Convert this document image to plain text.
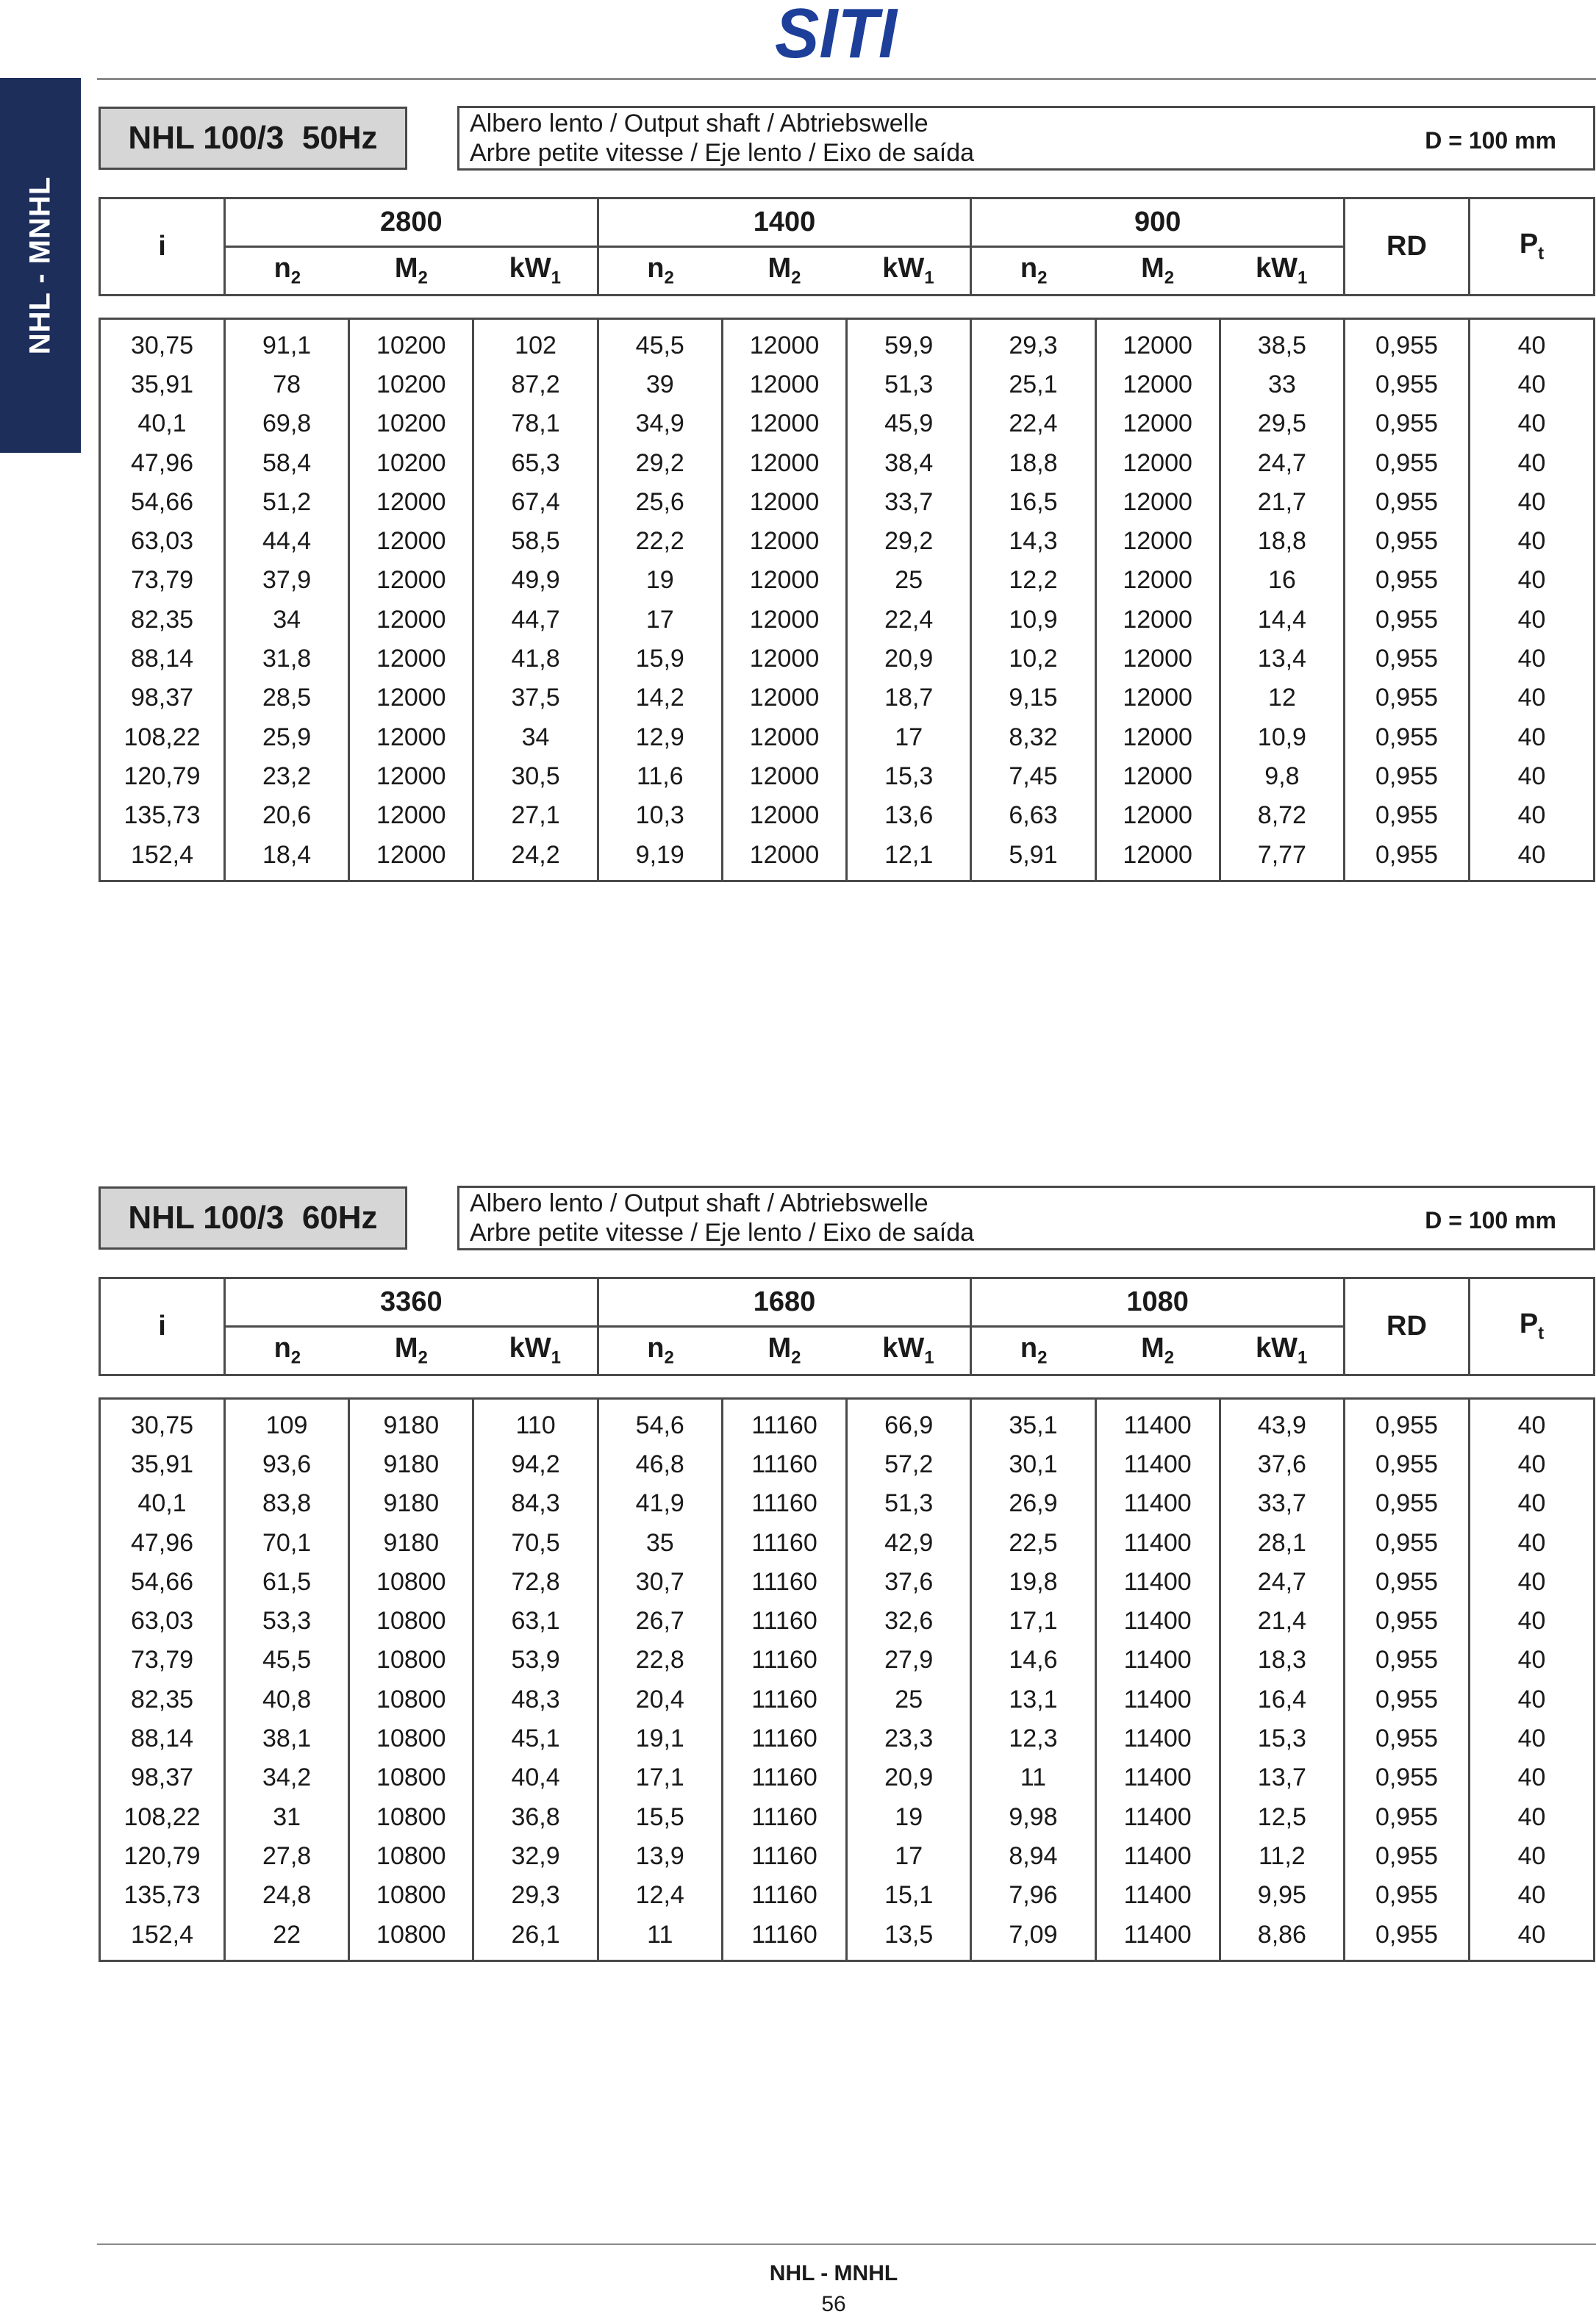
SITI
NHL - MNHL
NHL 100/3  50Hz	Albero lento / Output shaft / Abtriebswelle
Arbre petite vitesse / Eje lento / Eixo de saída	D = 100 mm
i	2800			1400			900			RD	$P_t$
	$n_2$	$M_2$	$kW_1$	$n_2$	$M_2$	$kW_1$	$n_2$	$M_2$	$kW_1$
30,75	91,1	10200	102	45,5	12000	59,9	29,3	12000	38,5	0,955	40
35,91	78	10200	87,2	39	12000	51,3	25,1	12000	33	0,955	40
40,1	69,8	10200	78,1	34,9	12000	45,9	22,4	12000	29,5	0,955	40
47,96	58,4	10200	65,3	29,2	12000	38,4	18,8	12000	24,7	0,955	40
54,66	51,2	12000	67,4	25,6	12000	33,7	16,5	12000	21,7	0,955	40
63,03	44,4	12000	58,5	22,2	12000	29,2	14,3	12000	18,8	0,955	40
73,79	37,9	12000	49,9	19	12000	25	12,2	12000	16	0,955	40
82,35	34	12000	44,7	17	12000	22,4	10,9	12000	14,4	0,955	40
88,14	31,8	12000	41,8	15,9	12000	20,9	10,2	12000	13,4	0,955	40
98,37	28,5	12000	37,5	14,2	12000	18,7	9,15	12000	12	0,955	40
108,22	25,9	12000	34	12,9	12000	17	8,32	12000	10,9	0,955	40
120,79	23,2	12000	30,5	11,6	12000	15,3	7,45	12000	9,8	0,955	40
135,73	20,6	12000	27,1	10,3	12000	13,6	6,63	12000	8,72	0,955	40
152,4	18,4	12000	24,2	9,19	12000	12,1	5,91	12000	7,77	0,955	40
NHL 100/3  60Hz	Albero lento / Output shaft / Abtriebswelle
Arbre petite vitesse / Eje lento / Eixo de saída	D = 100 mm
i	3360			1680			1080			RD	$P_t$
	$n_2$	$M_2$	$kW_1$	$n_2$	$M_2$	$kW_1$	$n_2$	$M_2$	$kW_1$
30,75	109	9180	110	54,6	11160	66,9	35,1	11400	43,9	0,955	40
35,91	93,6	9180	94,2	46,8	11160	57,2	30,1	11400	37,6	0,955	40
40,1	83,8	9180	84,3	41,9	11160	51,3	26,9	11400	33,7	0,955	40
47,96	70,1	9180	70,5	35	11160	42,9	22,5	11400	28,1	0,955	40
54,66	61,5	10800	72,8	30,7	11160	37,6	19,8	11400	24,7	0,955	40
63,03	53,3	10800	63,1	26,7	11160	32,6	17,1	11400	21,4	0,955	40
73,79	45,5	10800	53,9	22,8	11160	27,9	14,6	11400	18,3	0,955	40
82,35	40,8	10800	48,3	20,4	11160	25	13,1	11400	16,4	0,955	40
88,14	38,1	10800	45,1	19,1	11160	23,3	12,3	11400	15,3	0,955	40
98,37	34,2	10800	40,4	17,1	11160	20,9	11	11400	13,7	0,955	40
108,22	31	10800	36,8	15,5	11160	19	9,98	11400	12,5	0,955	40
120,79	27,8	10800	32,9	13,9	11160	17	8,94	11400	11,2	0,955	40
135,73	24,8	10800	29,3	12,4	11160	15,1	7,96	11400	9,95	0,955	40
152,4	22	10800	26,1	11	11160	13,5	7,09	11400	8,86	0,955	40
NHL - MNHL
56
